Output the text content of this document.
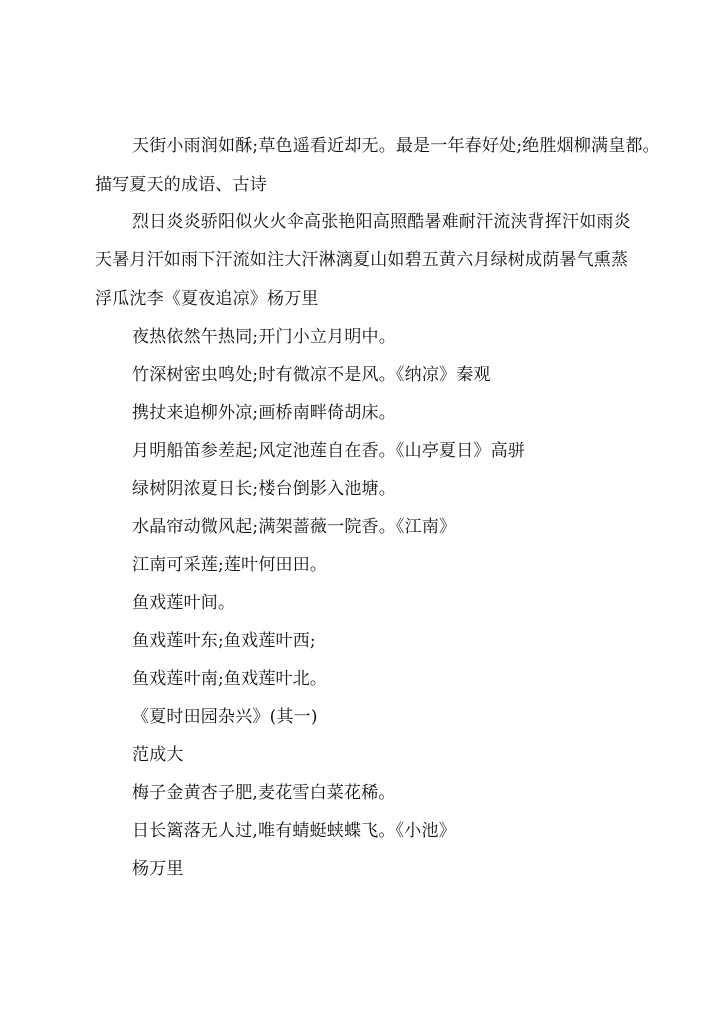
天街小雨润如酥;草色遥看近却无。最是一年春好处;绝胜烟柳满皇都。
描写夏天的成语、古诗
烈日炎炎骄阳似火火伞高张艳阳高照酷暑难耐汗流浃背挥汗如雨炎
天暑月汗如雨下汗流如注大汗淋漓夏山如碧五黄六月绿树成荫暑气熏蒸
浮瓜沈李《夏夜追凉》杨万里
夜热依然午热同;开门小立月明中。
竹深树密虫鸣处;时有微凉不是风。《纳凉》秦观
携扙来追柳外凉;画桥南畔倚胡床。
月明船笛参差起;风定池莲自在香。《山亭夏日》高骈
绿树阴浓夏日长;楼台倒影入池塘。
水晶帘动微风起;满架蔷薇一院香。《江南》
江南可采莲;莲叶何田田。
鱼戏莲叶间。
鱼戏莲叶东;鱼戏莲叶西;
鱼戏莲叶南;鱼戏莲叶北。
《夏时田园杂兴》(其一)
范成大
梅子金黄杏子肥,麦花雪白菜花稀。
日长篱落无人过,唯有蜻蜓蛱蝶飞。《小池》
杨万里
